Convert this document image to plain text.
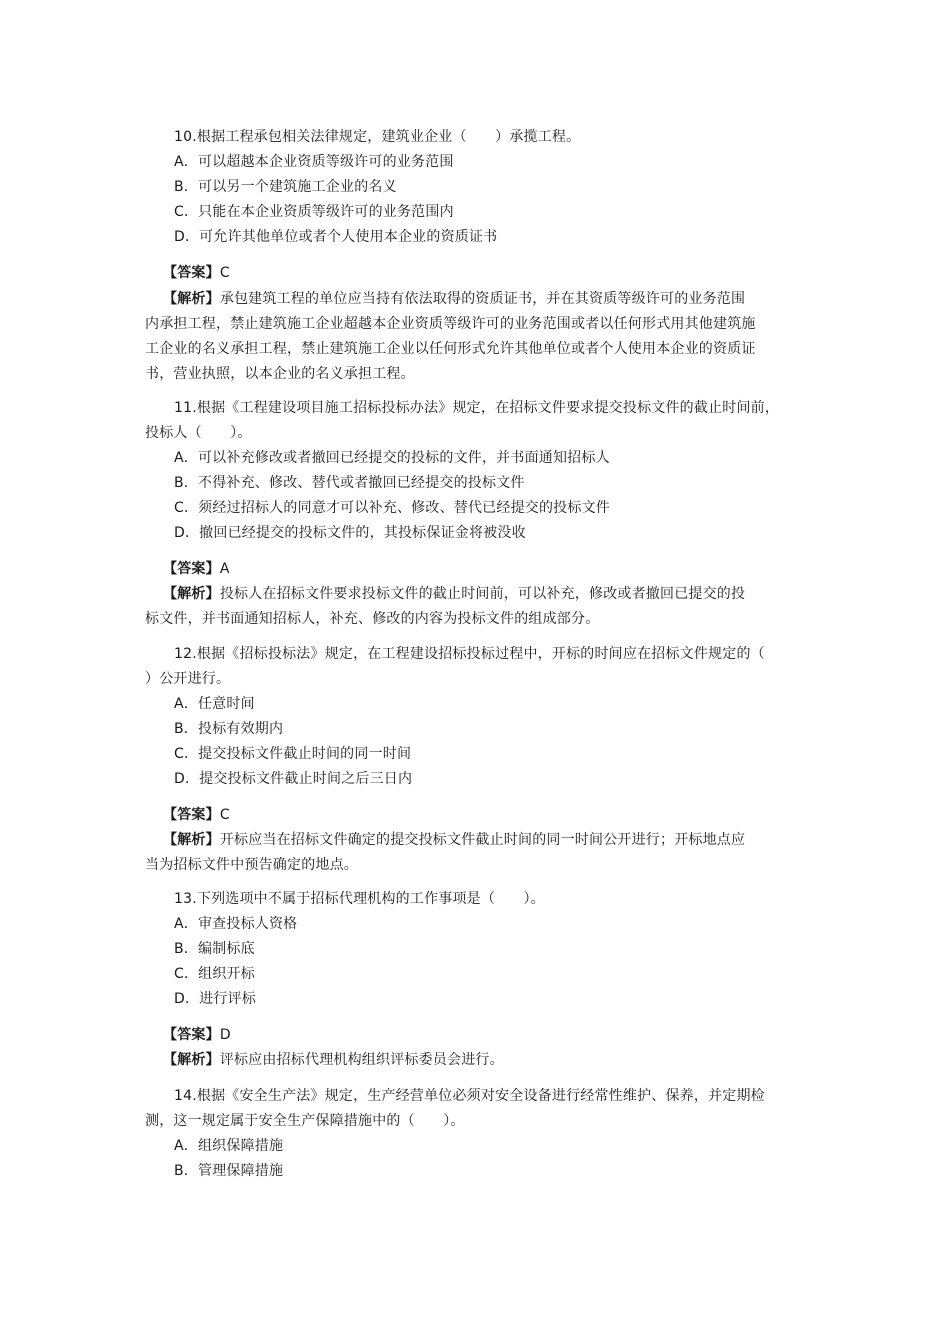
10.根据工程承包相关法律规定，建筑业企业（　　）承揽工程。
A．可以超越本企业资质等级许可的业务范围
B．可以另一个建筑施工企业的名义
C．只能在本企业资质等级许可的业务范围内
D．可允许其他单位或者个人使用本企业的资质证书
【答案】C
【解析】承包建筑工程的单位应当持有依法取得的资质证书，并在其资质等级许可的业务范围
内承担工程，禁止建筑施工企业超越本企业资质等级许可的业务范围或者以任何形式用其他建筑施
工企业的名义承担工程，禁止建筑施工企业以任何形式允许其他单位或者个人使用本企业的资质证
书，营业执照，以本企业的名义承担工程。
11.根据《工程建设项目施工招标投标办法》规定，在招标文件要求提交投标文件的截止时间前，
投标人（　　）。
A．可以补充修改或者撤回已经提交的投标的文件，并书面通知招标人
B．不得补充、修改、替代或者撤回已经提交的投标文件
C．须经过招标人的同意才可以补充、修改、替代已经提交的投标文件
D．撤回已经提交的投标文件的，其投标保证金将被没收
【答案】A
【解析】投标人在招标文件要求投标文件的截止时间前，可以补充，修改或者撤回已提交的投
标文件，并书面通知招标人，补充、修改的内容为投标文件的组成部分。
12.根据《招标投标法》规定，在工程建设招标投标过程中，开标的时间应在招标文件规定的（
）公开进行。
A．任意时间
B．投标有效期内
C．提交投标文件截止时间的同一时间
D．提交投标文件截止时间之后三日内
【答案】C
【解析】开标应当在招标文件确定的提交投标文件截止时间的同一时间公开进行；开标地点应
当为招标文件中预告确定的地点。
13.下列选项中不属于招标代理机构的工作事项是（　　）。
A．审查投标人资格
B．编制标底
C．组织开标
D．进行评标
【答案】D
【解析】评标应由招标代理机构组织评标委员会进行。
14.根据《安全生产法》规定，生产经营单位必须对安全设备进行经常性维护、保养，并定期检
测，这一规定属于安全生产保障措施中的（　　）。
A．组织保障措施
B．管理保障措施
